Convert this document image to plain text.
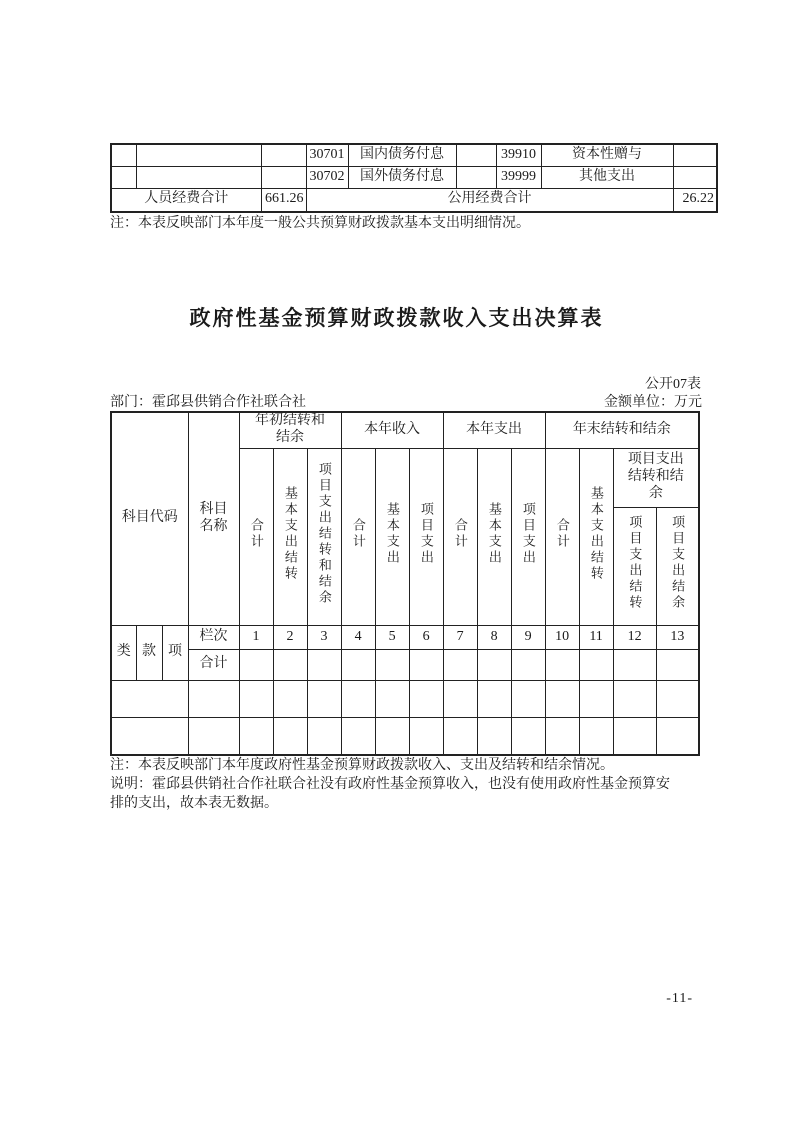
			30701	国内债务付息		39910	资本性赠与	
			30702	国外债务付息		39999	其他支出	
人员经费合计		661.26	公用经费合计					26.22
注：本表反映部门本年度一般公共预算财政拨款基本支出明细情况。
政府性基金预算财政拨款收入支出决算表
公开07表
部门：霍邱县供销合作社联合社	金额单位：万元
科目代码			科目名称	年初结转和结余			本年收入			本年支出			年末结转和结余			
				合计	基本支出结转	项目支出结转和结余	合计	基本支出	项目支出	合计	基本支出	项目支出	合计	基本支出结转	项目支出结转和结余	
															项目支出结转	项目支出结余
类	款	项	栏次	1	2	3	4	5	6	7	8	9	10	11	12	13
			合计													

注：本表反映部门本年度政府性基金预算财政拨款收入、支出及结转和结余情况。
说明：霍邱县供销社合作社联合社没有政府性基金预算收入，也没有使用政府性基金预算安排的支出，故本表无数据。
-11-
